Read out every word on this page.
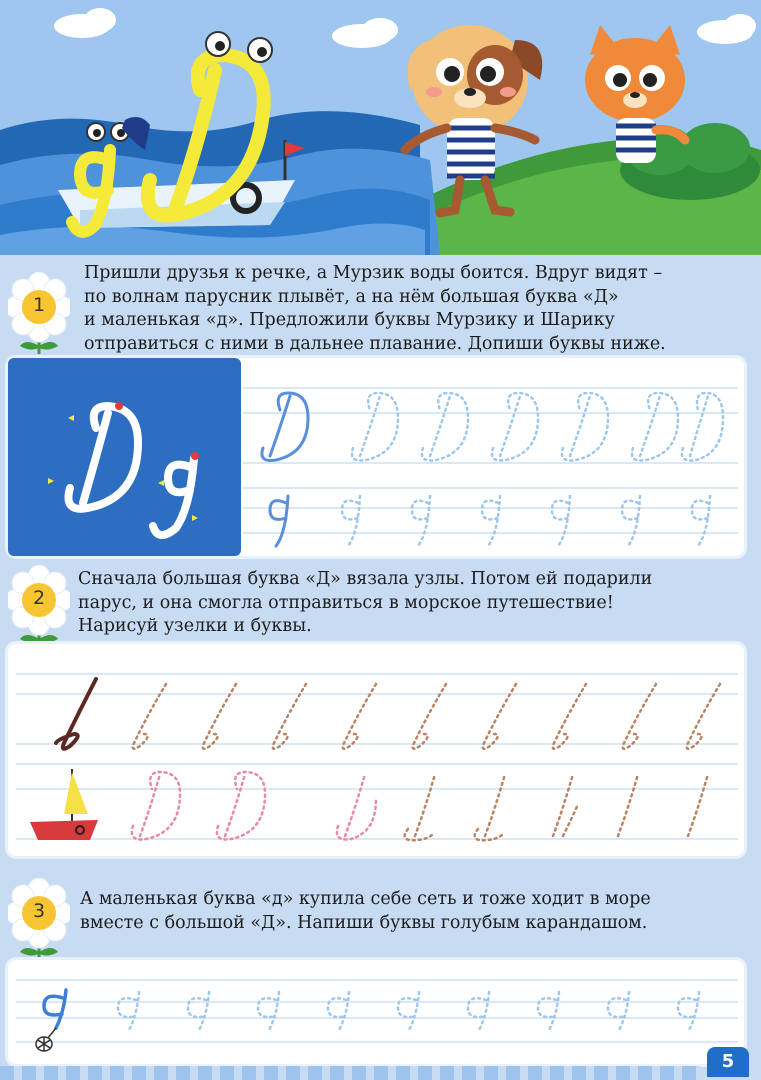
1
Пришли друзья к речке, а Мурзик воды боится. Вдруг видят –
по волнам парусник плывёт, а на нём большая буква «Д»
и маленькая «д». Предложили буквы Мурзику и Шарику
отправиться с ними в дальнее плавание. Допиши буквы ниже.
2
Сначала большая буква «Д» вязала узлы. Потом ей подарили
парус, и она смогла отправиться в морское путешествие!
Нарисуй узелки и буквы.
3
А маленькая буква «д» купила себе сеть и тоже ходит в море
вместе с большой «Д». Напиши буквы голубым карандашом.
5
